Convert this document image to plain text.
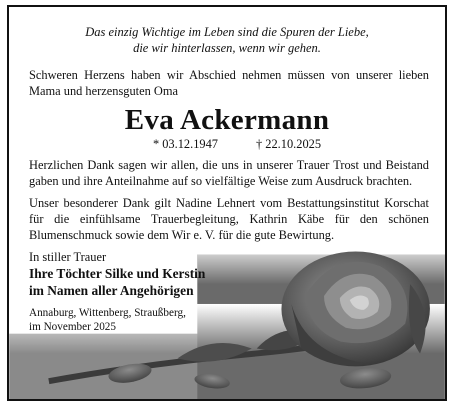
Das einzig Wichtige im Leben sind die Spuren der Liebe,
die wir hinterlassen, wenn wir gehen.
Schweren Herzens haben wir Abschied nehmen müssen von unserer lieben Mama und herzensguten Oma
Eva Ackermann
* 03.12.1947	† 22.10.2025
Herzlichen Dank sagen wir allen, die uns in unserer Trauer Trost und Beistand gaben und ihre Anteilnahme auf so vielfältige Weise zum Ausdruck brachten.
Unser besonderer Dank gilt Nadine Lehnert vom Bestattungsinstitut Korschat für die einfühlsame Trauerbegleitung, Kathrin Käbe für den schönen Blumenschmuck sowie dem Wir e. V. für die gute Bewirtung.
In stiller Trauer
Ihre Töchter Silke und Kerstin
im Namen aller Angehörigen
Annaburg, Wittenberg, Straußberg,
im November 2025
